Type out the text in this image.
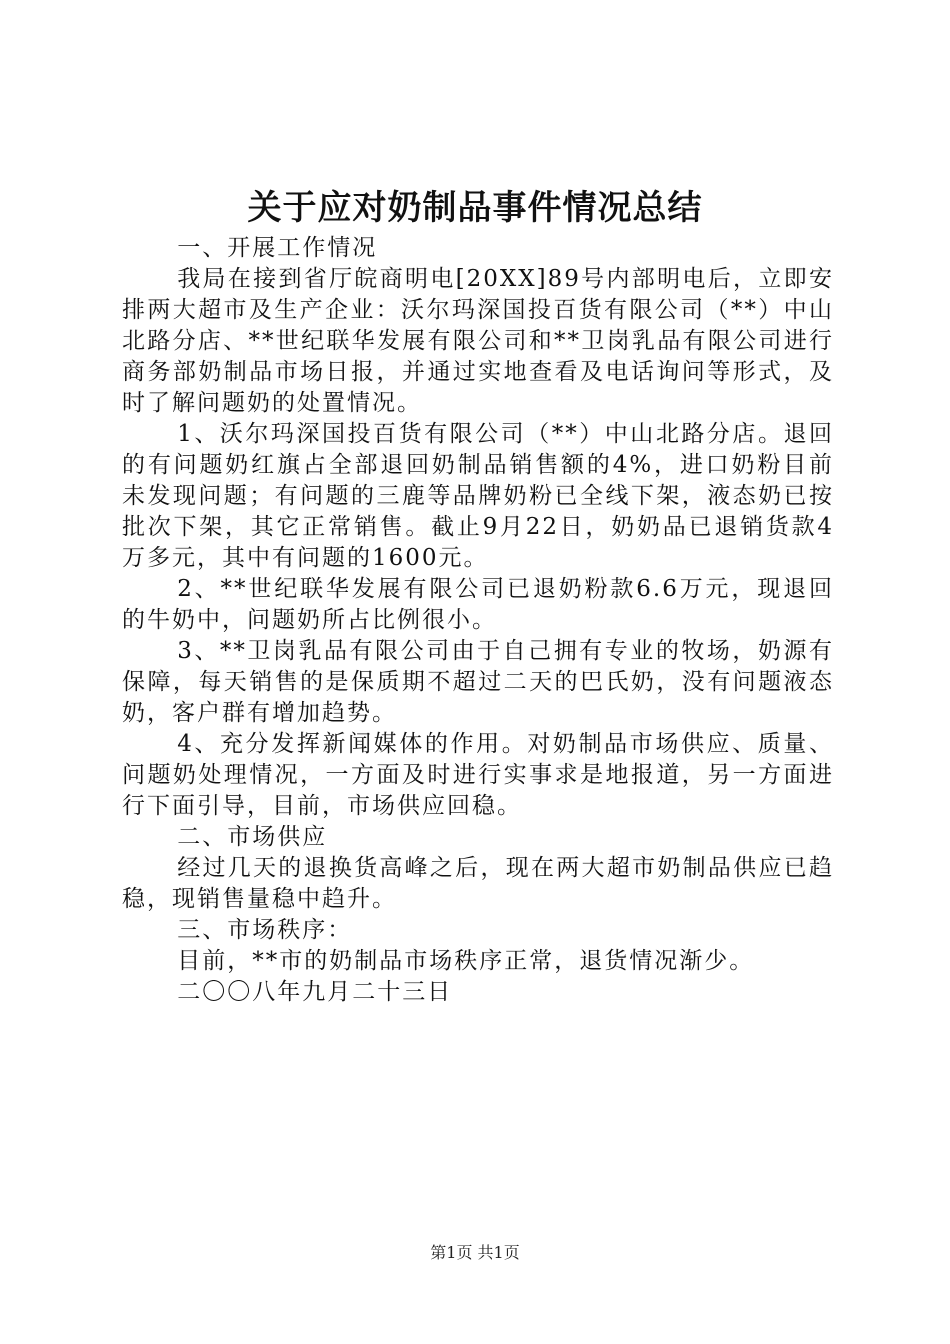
关于应对奶制品事件情况总结

一、开展工作情况

我局在接到省厅皖商明电[20XX]89号内部明电后，立即安排两大超市及生产企业：沃尔玛深国投百货有限公司（**）中山北路分店、**世纪联华发展有限公司和**卫岗乳品有限公司进行商务部奶制品市场日报，并通过实地查看及电话询问等形式，及时了解问题奶的处置情况。

1、沃尔玛深国投百货有限公司（**）中山北路分店。退回的有问题奶红旗占全部退回奶制品销售额的4%，进口奶粉目前未发现问题；有问题的三鹿等品牌奶粉已全线下架，液态奶已按批次下架，其它正常销售。截止9月22日，奶奶品已退销货款4万多元，其中有问题的1600元。

2、**世纪联华发展有限公司已退奶粉款6.6万元，现退回的牛奶中，问题奶所占比例很小。

3、**卫岗乳品有限公司由于自己拥有专业的牧场，奶源有保障，每天销售的是保质期不超过二天的巴氏奶，没有问题液态奶，客户群有增加趋势。

4、充分发挥新闻媒体的作用。对奶制品市场供应、质量、问题奶处理情况，一方面及时进行实事求是地报道，另一方面进行下面引导，目前，市场供应回稳。

二、市场供应

经过几天的退换货高峰之后，现在两大超市奶制品供应已趋稳，现销售量稳中趋升。

三、市场秩序：

目前，**市的奶制品市场秩序正常，退货情况渐少。

二〇〇八年九月二十三日

第1页 共1页
